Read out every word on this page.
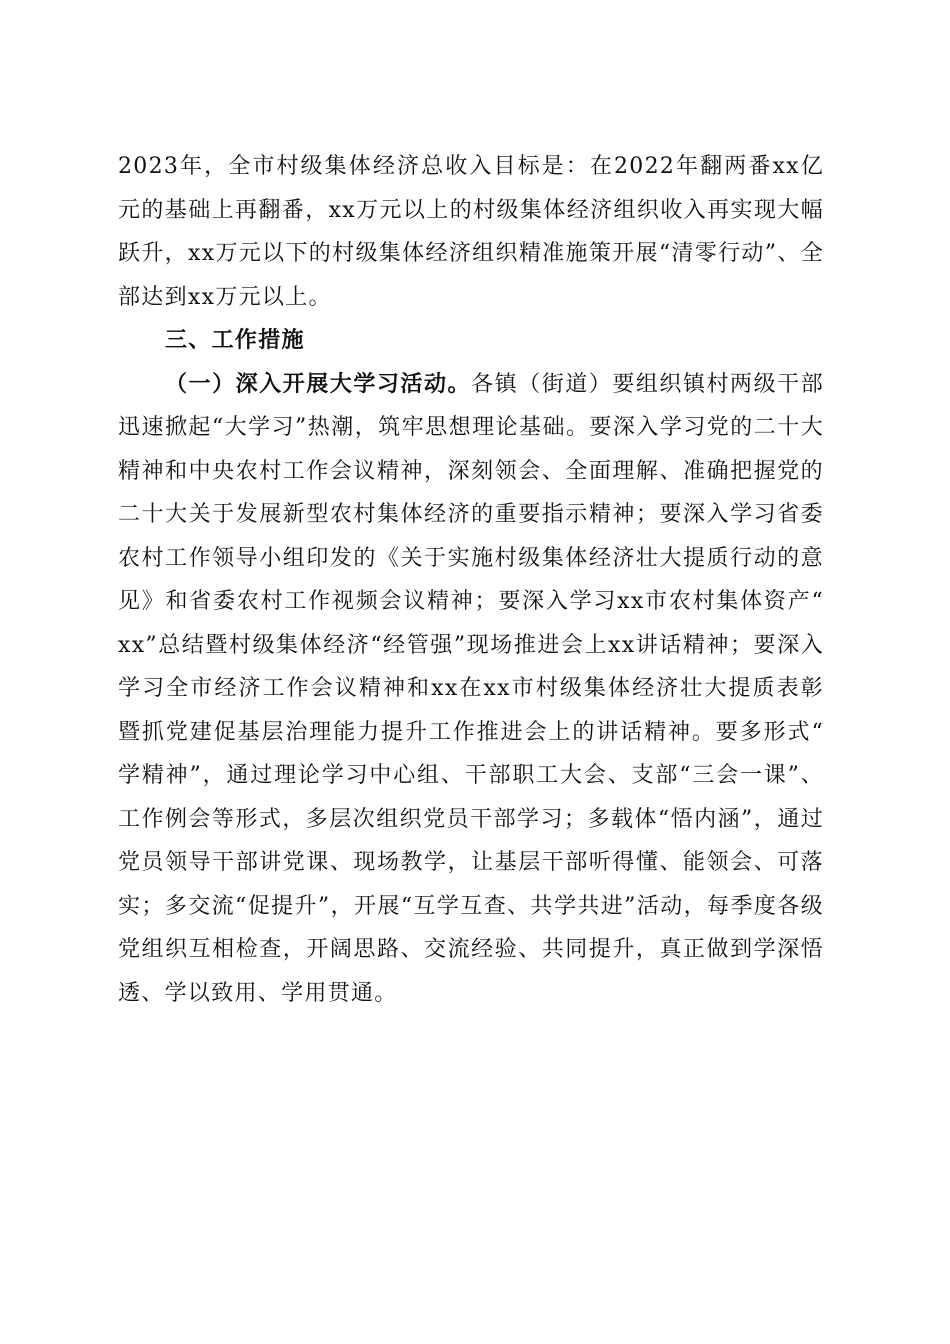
2023年，全市村级集体经济总收入目标是：在2022年翻两番xx亿元的基础上再翻番，xx万元以上的村级集体经济组织收入再实现大幅跃升，xx万元以下的村级集体经济组织精准施策开展“清零行动”、全部达到xx万元以上。

三、工作措施

（一）深入开展大学习活动。各镇（街道）要组织镇村两级干部迅速掀起“大学习”热潮，筑牢思想理论基础。要深入学习党的二十大精神和中央农村工作会议精神，深刻领会、全面理解、准确把握党的二十大关于发展新型农村集体经济的重要指示精神；要深入学习省委农村工作领导小组印发的《关于实施村级集体经济壮大提质行动的意见》和省委农村工作视频会议精神；要深入学习xx市农村集体资产“xx”总结暨村级集体经济“经管强”现场推进会上xx讲话精神；要深入学习全市经济工作会议精神和xx在xx市村级集体经济壮大提质表彰暨抓党建促基层治理能力提升工作推进会上的讲话精神。要多形式“学精神”，通过理论学习中心组、干部职工大会、支部“三会一课”、工作例会等形式，多层次组织党员干部学习；多载体“悟内涵”，通过党员领导干部讲党课、现场教学，让基层干部听得懂、能领会、可落实；多交流“促提升”，开展“互学互查、共学共进”活动，每季度各级党组织互相检查，开阔思路、交流经验、共同提升，真正做到学深悟透、学以致用、学用贯通。
